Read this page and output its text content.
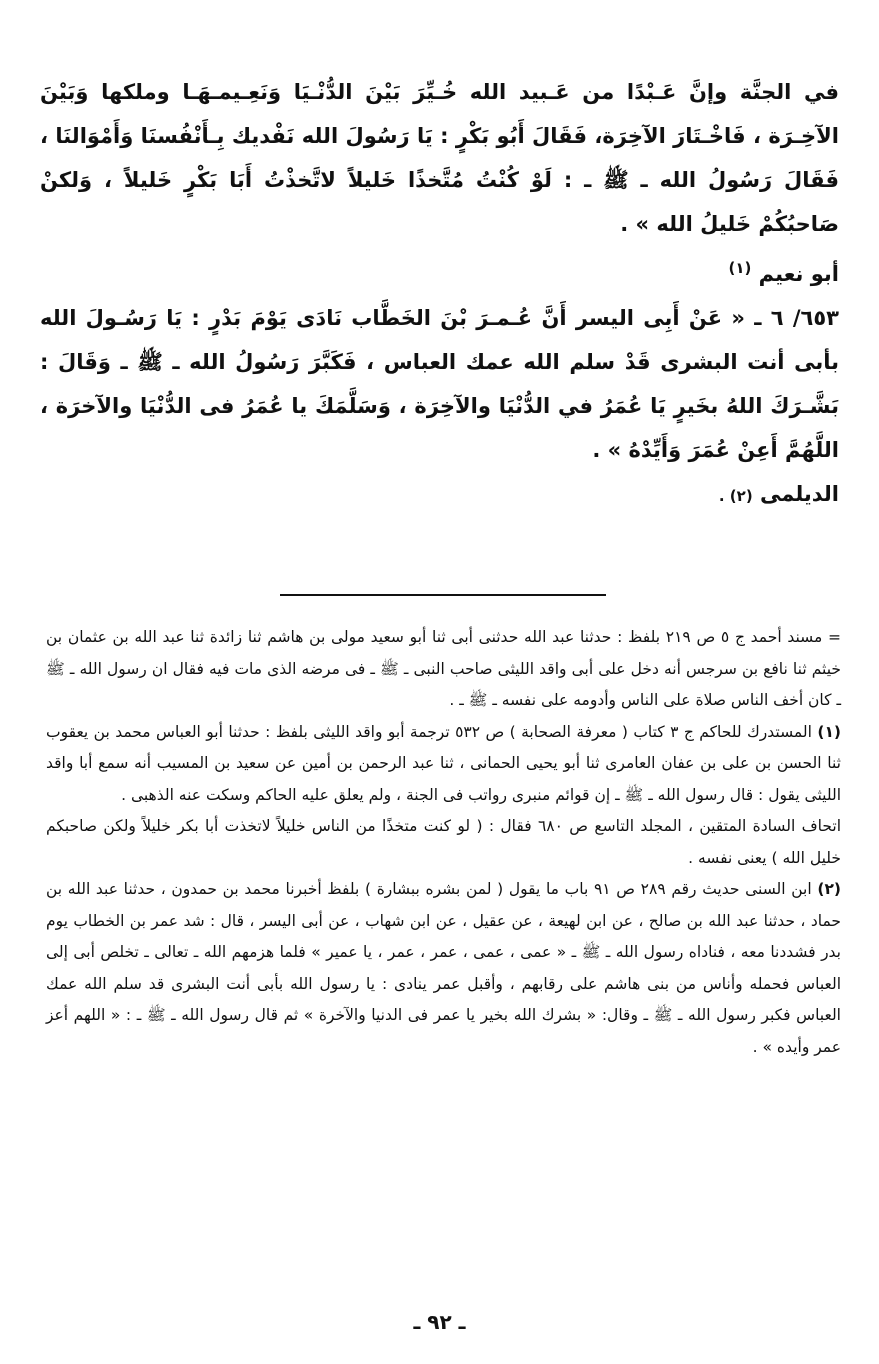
في الجنَّة وإنَّ عَـبْدًا من عَـبيد الله خُـيِّرَ بَيْنَ الدُّنْـيَا وَنَعِـيمـهَـا وملكها وَبَيْنَ الآخِـرَة ، فَاخْـتَارَ الآخِرَة، فَقَالَ أَبُو بَكْرٍ : يَا رَسُولَ الله نَفْديك بِـأَنْفُسنَا وَأَمْوَالنَا ، فَقَالَ رَسُولُ الله ـ ﷺ ـ : لَوْ كُنْتُ مُتَّخذًا خَليلاً لاتَّخذْتُ أَبَا بَكْرٍ خَليلاً ، وَلكنْ صَاحبُكُمْ خَليلُ الله » .

أبو نعيم $^{(١)}$

٦٥٣/ ٦ ـ « عَنْ أَبِى اليسر أَنَّ عُـمـرَ بْنَ الخَطَّاب نَادَى يَوْمَ بَدْرٍ : يَا رَسُـولَ الله بأبى أنت البشرى قَدْ سلم الله عمك العباس ، فَكَبَّرَ رَسُولُ الله ـ ﷺ ـ وَقَالَ : بَشَّـرَكَ اللهُ بخَيرٍ يَا عُمَرُ في الدُّنْيَا والآخِرَة ، وَسَلَّمَكَ يا عُمَرُ فى الدُّنْيَا والآخرَة ، اللَّهُمَّ أَعِنْ عُمَرَ وَأَيِّدْهُ » .

الديلمى (٢) .

= مسند أحمد ج ٥ ص ٢١٩ بلفظ : حدثنا عبد الله حدثنى أبى ثنا أبو سعيد مولى بن هاشم ثنا زائدة ثنا عبد الله بن عثمان بن خيثم ثنا نافع بن سرجس أنه دخل على أبى واقد الليثى صاحب النبى ـ ﷺ ـ فى مرضه الذى مات فيه فقال ان رسول الله ـ ﷺ ـ كان أخف الناس صلاة على الناس وأدومه على نفسه ـ ﷺ ـ .

(١) المستدرك للحاكم ج ٣ كتاب ( معرفة الصحابة ) ص ٥٣٢ ترجمة أبو واقد الليثى بلفظ : حدثنا أبو العباس محمد بن يعقوب ثنا الحسن بن على بن عفان العامرى ثنا أبو يحيى الحمانى ، ثنا عبد الرحمن بن أمين عن سعيد بن المسيب أنه سمع أبا واقد الليثى يقول : قال رسول الله ـ ﷺ ـ إن قوائم منبرى رواتب فى الجنة ، ولم يعلق عليه الحاكم وسكت عنه الذهبى .

اتحاف السادة المتقين ، المجلد التاسع ص ٦٨٠ فقال : ( لو كنت متخذًا من الناس خليلاً لاتخذت أبا بكر خليلاً ولكن صاحبكم خليل الله ) يعنى نفسه .

(٢) ابن السنى حديث رقم ٢٨٩ ص ٩١ باب ما يقول ( لمن بشره ببشارة ) بلفظ أخبرنا محمد بن حمدون ، حدثنا عبد الله بن حماد ، حدثنا عبد الله بن صالح ، عن ابن لهيعة ، عن عقيل ، عن ابن شهاب ، عن أبى اليسر ، قال : شد عمر بن الخطاب يوم بدر فشددنا معه ، فناداه رسول الله ـ ﷺ ـ « عمى ، عمى ، عمر ، عمر ، يا عمير » فلما هزمهم الله ـ تعالى ـ تخلص أبى إلى العباس فحمله وأناس من بنى هاشم على رقابهم ، وأقبل عمر ينادى : يا رسول الله بأبى أنت البشرى قد سلم الله عمك العباس فكبر رسول الله ـ ﷺ ـ وقال: « بشرك الله بخير يا عمر فى الدنيا والآخرة » ثم قال رسول الله ـ ﷺ ـ : « اللهم أعز عمر وأيده » .

ـ ٩٢ ـ
